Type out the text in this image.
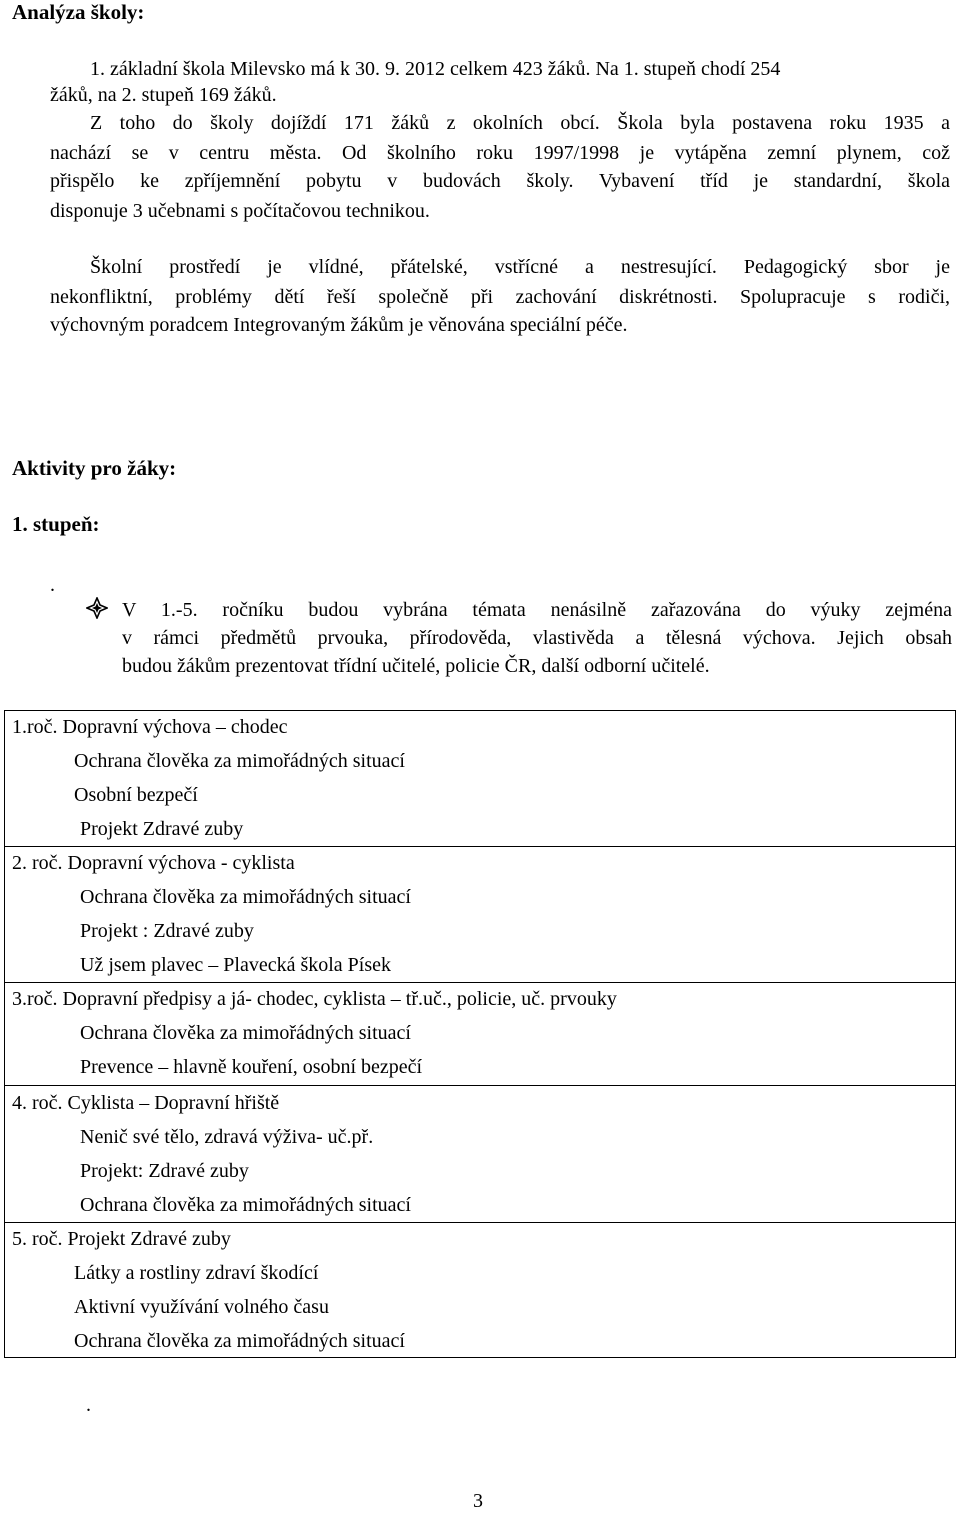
Analýza školy:
1. základní škola Milevsko má k 30. 9. 2012 celkem 423 žáků. Na 1. stupeň chodí 254
žáků, na 2. stupeň 169 žáků.
Z toho do školy dojíždí 171 žáků z okolních obcí. Škola byla postavena roku 1935 a
nachází se v centru města. Od školního roku 1997/1998 je vytápěna zemní plynem, což
přispělo ke zpříjemnění pobytu v budovách školy. Vybavení tříd je standardní, škola
disponuje 3 učebnami s počítačovou technikou.
Školní prostředí je vlídné, přátelské, vstřícné a nestresující. Pedagogický sbor je
nekonfliktní, problémy dětí řeší společně při zachování diskrétnosti. Spolupracuje s rodiči,
výchovným poradcem Integrovaným žákům je věnována speciální péče.
Aktivity pro žáky:
1. stupeň:
.
V 1.-5. ročníku budou vybrána témata nenásilně zařazována do výuky zejména
v rámci předmětů prvouka, přírodověda, vlastivěda a tělesná výchova. Jejich obsah
budou žákům prezentovat třídní učitelé, policie ČR, další odborní učitelé.
1.roč. Dopravní výchova – chodec
Ochrana člověka za mimořádných situací
Osobní bezpečí
Projekt Zdravé zuby
2. roč. Dopravní výchova - cyklista
Ochrana člověka za mimořádných situací
Projekt : Zdravé zuby
Už jsem plavec – Plavecká škola Písek
3.roč. Dopravní předpisy a já- chodec, cyklista – tř.uč., policie, uč. prvouky
Ochrana člověka za mimořádných situací
Prevence – hlavně kouření, osobní bezpečí
4. roč. Cyklista – Dopravní hřiště
Nenič své tělo, zdravá výživa- uč.př.
Projekt: Zdravé zuby
Ochrana člověka za mimořádných situací
5. roč. Projekt Zdravé zuby
Látky a rostliny zdraví škodící
Aktivní využívání volného času
Ochrana člověka za mimořádných situací
.
3
